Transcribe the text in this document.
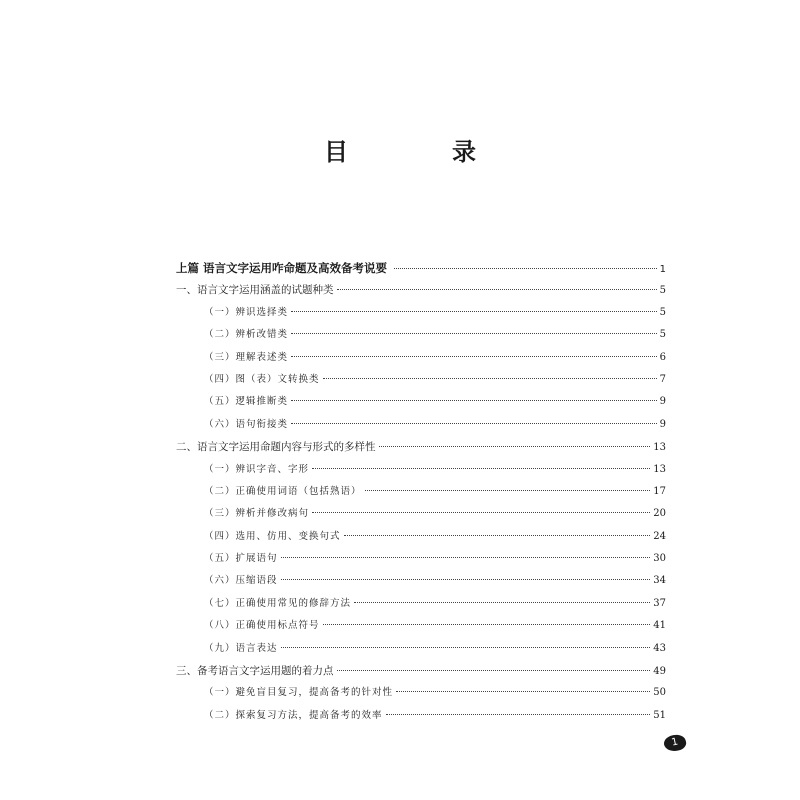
目　录
上篇 语言文字运用咋命题及高效备考说要	1
一、语言文字运用涵盖的试题种类	5
（一）辨识选择类	5
（二）辨析改错类	5
（三）理解表述类	6
（四）图（表）文转换类	7
（五）逻辑推断类	9
（六）语句衔接类	9
二、语言文字运用命题内容与形式的多样性	13
（一）辨识字音、字形	13
（二）正确使用词语（包括熟语）	17
（三）辨析并修改病句	20
（四）选用、仿用、变换句式	24
（五）扩展语句	30
（六）压缩语段	34
（七）正确使用常见的修辞方法	37
（八）正确使用标点符号	41
（九）语言表达	43
三、备考语言文字运用题的着力点	49
（一）避免盲目复习，提高备考的针对性	50
（二）探索复习方法，提高备考的效率	51
1
